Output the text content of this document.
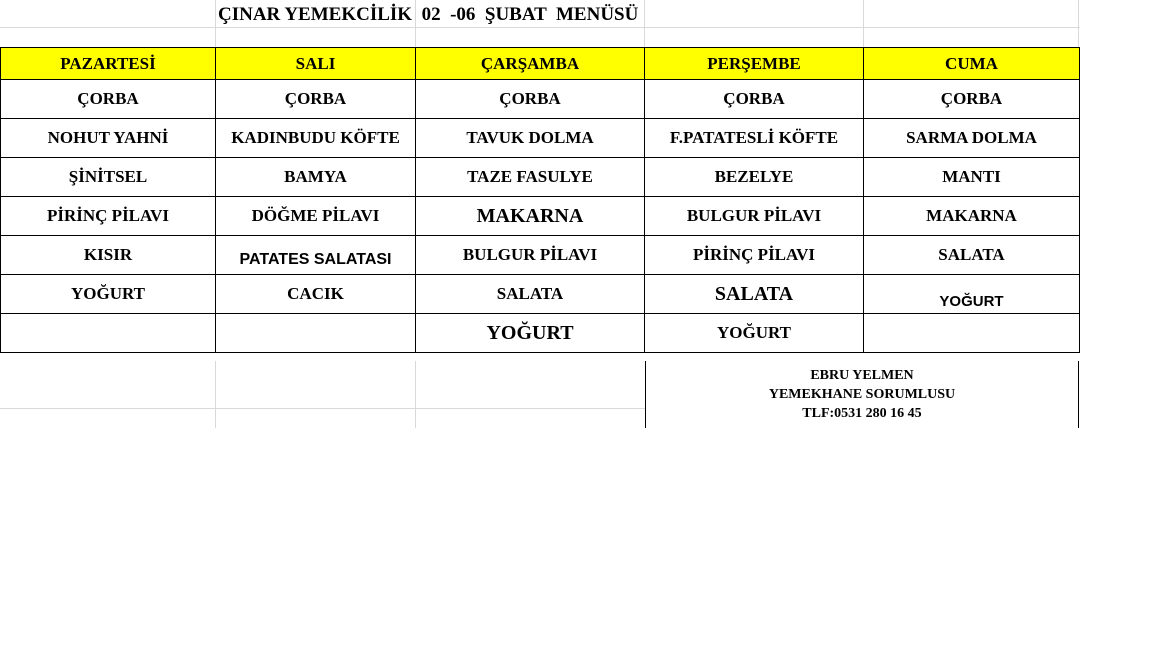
ÇINAR YEMEKCİLİK  02  -06  ŞUBAT  MENÜSÜ
PAZARTESİ	SALI	ÇARŞAMBA	PERŞEMBE	CUMA
ÇORBA	ÇORBA	ÇORBA	ÇORBA	ÇORBA
NOHUT YAHNİ	KADINBUDU KÖFTE	TAVUK DOLMA	F.PATATESLİ KÖFTE	SARMA DOLMA
ŞİNİTSEL	BAMYA	TAZE FASULYE	BEZELYE	MANTI
PİRİNÇ PİLAVI	DÖĞME PİLAVI	MAKARNA	BULGUR PİLAVI	MAKARNA
KISIR	PATATES SALATASI	BULGUR PİLAVI	PİRİNÇ PİLAVI	SALATA
YOĞURT	CACIK	SALATA	SALATA	YOĞURT
		YOĞURT	YOĞURT	
EBRU YELMEN
YEMEKHANE SORUMLUSU
TLF:0531 280 16 45
